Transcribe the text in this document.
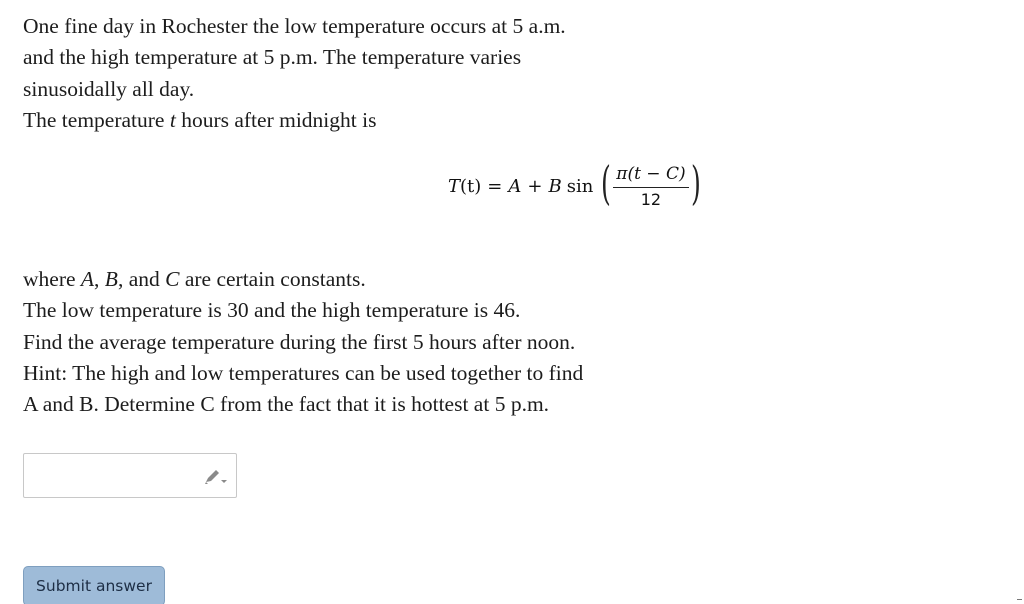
One fine day in Rochester the low temperature occurs at 5 a.m.
and the high temperature at 5 p.m. The temperature varies
sinusoidally all day.
The temperature t hours after midnight is
T (t) = A + B sin ( $\frac{\pi(t - C)}{12}$ )
where A, B, and C are certain constants.
The low temperature is 30 and the high temperature is 46.
Find the average temperature during the first 5 hours after noon.
Hint: The high and low temperatures can be used together to find
A and B. Determine C from the fact that it is hottest at 5 p.m.
Submit answer
